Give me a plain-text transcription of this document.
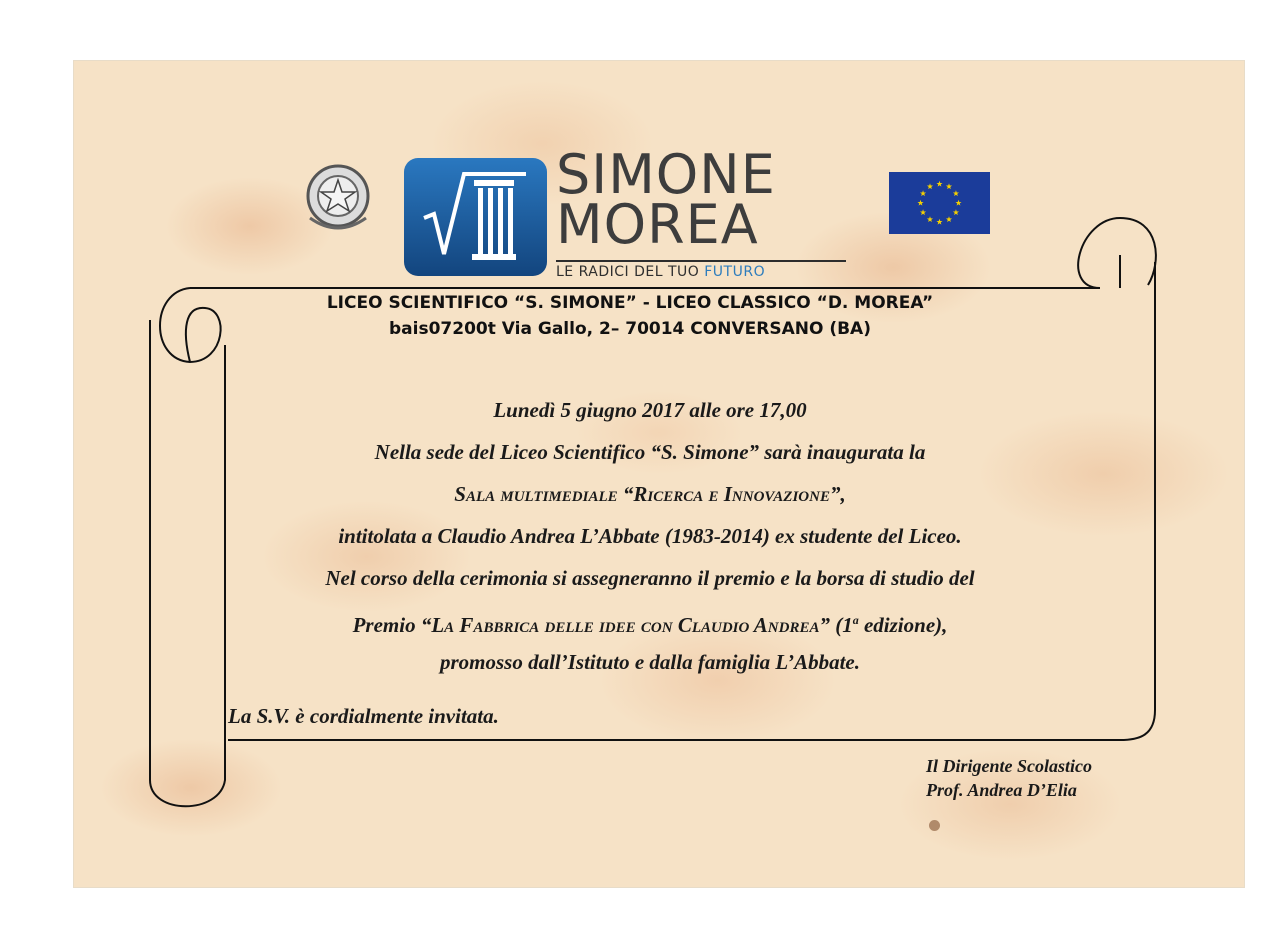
SIMONE
MOREA
LE RADICI DEL TUO FUTURO
LICEO SCIENTIFICO “S. SIMONE” - LICEO CLASSICO “D. MOREA”
bais07200t Via Gallo, 2– 70014 CONVERSANO (BA)
Lunedì 5 giugno 2017 alle ore 17,00
Nella sede del Liceo Scientifico “S. Simone” sarà inaugurata la
Sala multimediale “Ricerca e Innovazione”,
intitolata a Claudio Andrea L’Abbate (1983-2014) ex studente del Liceo.
Nel corso della cerimonia si assegneranno il premio e la borsa di studio del
Premio “La Fabbrica delle idee con Claudio Andrea” (1$^a$ edizione),
promosso dall’Istituto e dalla famiglia L’Abbate.
La S.V. è cordialmente invitata.
Il Dirigente Scolastico
Prof. Andrea D’Elia
